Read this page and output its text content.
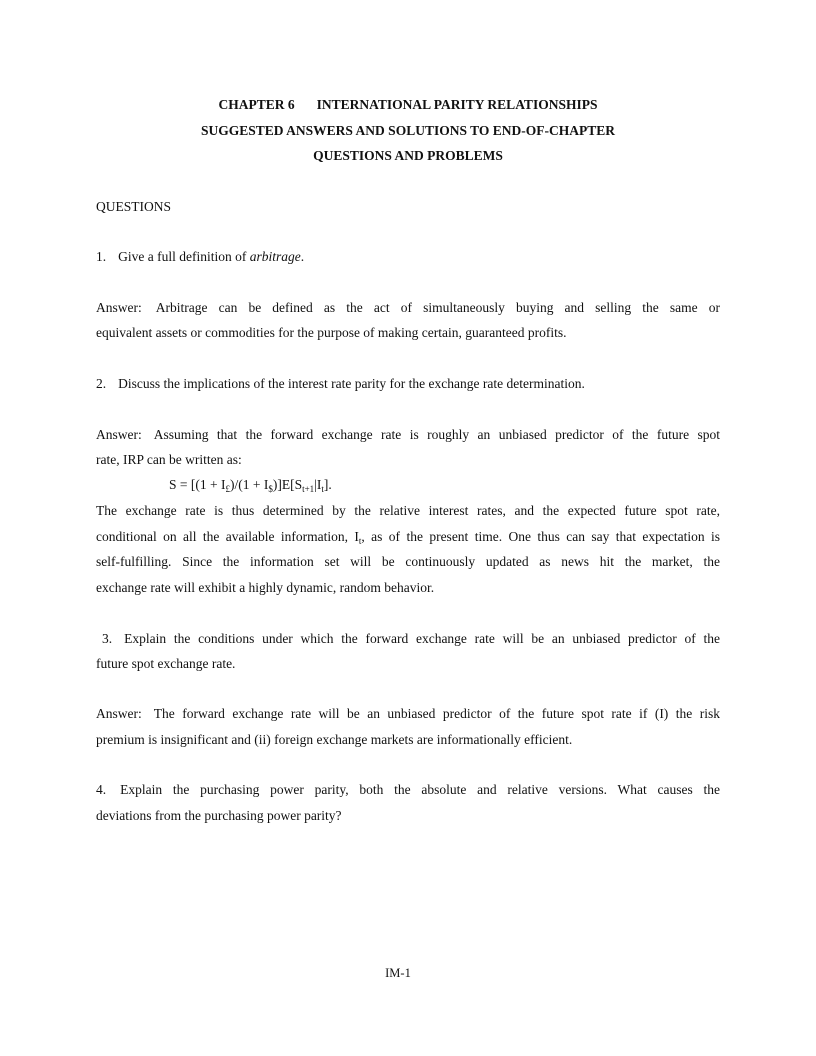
CHAPTER 6 INTERNATIONAL PARITY RELATIONSHIPS
SUGGESTED ANSWERS AND SOLUTIONS TO END-OF-CHAPTER
QUESTIONS AND PROBLEMS
QUESTIONS
1. Give a full definition of arbitrage.
Answer: Arbitrage can be defined as the act of simultaneously buying and selling the same or
equivalent assets or commodities for the purpose of making certain, guaranteed profits.
2. Discuss the implications of the interest rate parity for the exchange rate determination.
Answer: Assuming that the forward exchange rate is roughly an unbiased predictor of the future spot
rate, IRP can be written as:
$S = [(1 + I_£)/(1 + I_{\$})]E[S_{t+1}|I_t]$.
The exchange rate is thus determined by the relative interest rates, and the expected future spot rate,
conditional on all the available information, $I_t$, as of the present time. One thus can say that expectation is
self-fulfilling. Since the information set will be continuously updated as news hit the market, the
exchange rate will exhibit a highly dynamic, random behavior.
3. Explain the conditions under which the forward exchange rate will be an unbiased predictor of the
future spot exchange rate.
Answer: The forward exchange rate will be an unbiased predictor of the future spot rate if (I) the risk
premium is insignificant and (ii) foreign exchange markets are informationally efficient.
4. Explain the purchasing power parity, both the absolute and relative versions. What causes the
deviations from the purchasing power parity?
IM-1
